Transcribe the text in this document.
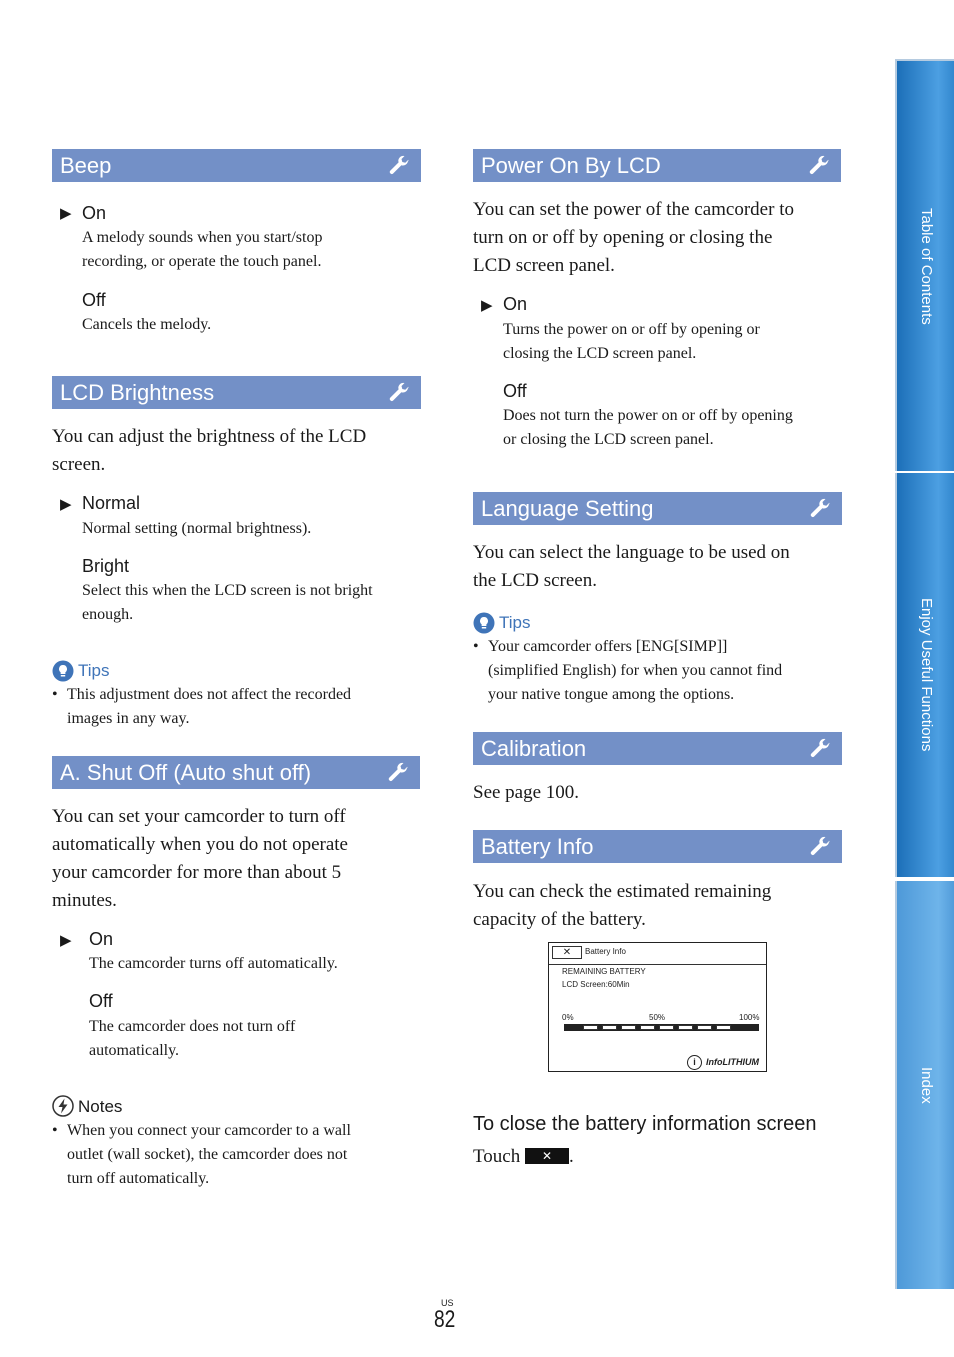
Beep
▶ On
A melody sounds when you start/stop
recording, or operate the touch panel.
Off
Cancels the melody.
LCD Brightness
You can adjust the brightness of the LCD
screen.
▶ Normal
Normal setting (normal brightness).
Bright
Select this when the LCD screen is not bright
enough.
Tips
• This adjustment does not affect the recorded
images in any way.
A. Shut Off (Auto shut off)
You can set your camcorder to turn off
automatically when you do not operate
your camcorder for more than about 5
minutes.
▶ On
The camcorder turns off automatically.
Off
The camcorder does not turn off
automatically.
Notes
• When you connect your camcorder to a wall
outlet (wall socket), the camcorder does not
turn off automatically.
Power On By LCD
You can set the power of the camcorder to
turn on or off by opening or closing the
LCD screen panel.
▶ On
Turns the power on or off by opening or
closing the LCD screen panel.
Off
Does not turn the power on or off by opening
or closing the LCD screen panel.
Language Setting
You can select the language to be used on
the LCD screen.
Tips
• Your camcorder offers [ENG[SIMP]]
(simplified English) for when you cannot find
your native tongue among the options.
Calibration
See page 100.
Battery Info
You can check the estimated remaining
capacity of the battery.
✕	Battery Info
REMAINING BATTERY
LCD Screen:60Min
0%	50%	100%
i	InfoLITHIUM
To close the battery information screen
Touch ✕ .
Table of Contents
Enjoy Useful Functions
Index
US
82
